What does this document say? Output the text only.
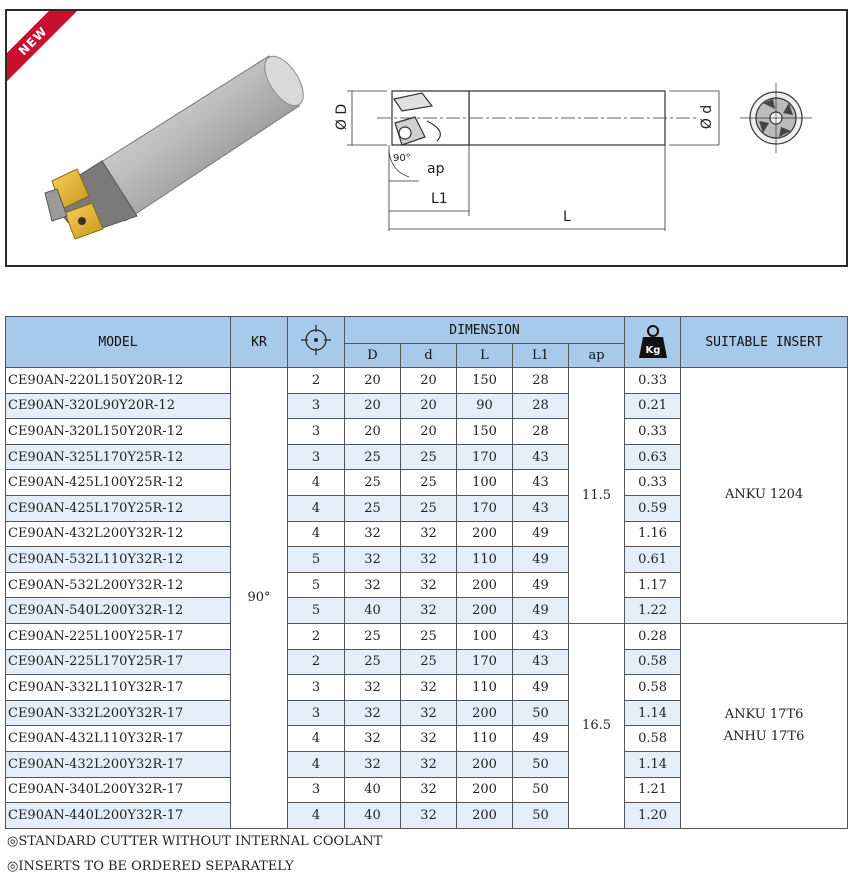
NEW
Ø D	Ø d
90°
ap
L1
L
MODEL	KR		DIMENSION					Kg	SUITABLE INSERT
			D	d	L	L1	ap		
CE90AN-220L150Y20R-12	90°	2	20	20	150	28	11.5	0.33	ANKU 1204

CE90AN-320L90Y20R-12		3	20	20	90	28		0.21	
CE90AN-320L150Y20R-12		3	20	20	150	28		0.33	
CE90AN-325L170Y25R-12		3	25	25	170	43		0.63	
CE90AN-425L100Y25R-12		4	25	25	100	43		0.33	
CE90AN-425L170Y25R-12		4	25	25	170	43		0.59	
CE90AN-432L200Y32R-12		4	32	32	200	49		1.16	
CE90AN-532L110Y32R-12		5	32	32	110	49		0.61	
CE90AN-532L200Y32R-12		5	32	32	200	49		1.17	
CE90AN-540L200Y32R-12		5	40	32	200	49		1.22	
CE90AN-225L100Y25R-17		2	25	25	100	43	16.5	0.28	ANKU 17T6
ANHU 17T6

CE90AN-225L170Y25R-17		2	25	25	170	43		0.58	
CE90AN-332L110Y32R-17		3	32	32	110	49		0.58	
CE90AN-332L200Y32R-17		3	32	32	200	50		1.14	
CE90AN-432L110Y32R-17		4	32	32	110	49		0.58	
CE90AN-432L200Y32R-17		4	32	32	200	50		1.14	
CE90AN-340L200Y32R-17		3	40	32	200	50		1.21	
CE90AN-440L200Y32R-17		4	40	32	200	50		1.20	
◎STANDARD CUTTER WITHOUT INTERNAL COOLANT
◎INSERTS TO BE ORDERED SEPARATELY
